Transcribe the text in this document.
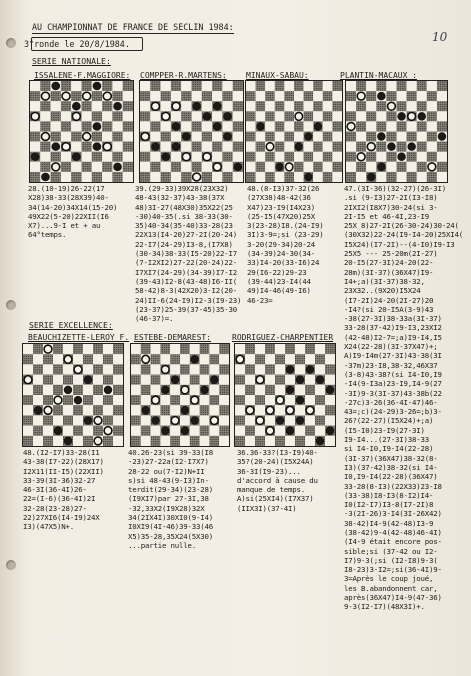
AU CHAMPIONNAT DE FRANCE DE SECLIN 1984:
3°ronde le 20/8/1984.	10
SERIE NATIONALE:
ISSALENE-F.MAGGIORE: COMPPER-R.MARTENS: MINAUX-SABAU:	PLANTIN-MACAUX :
28.(10-19)26-22(17
X28)38-33(28X39)40-
34(14-20)34X14(15-20)
49X22(5-20)22XII(I6
X7)...9-I et + au
64°temps.
39.(29-33)39X28(23X32)
48-43(32-37)43-38(37X
48)3I-27(48X30)35X22(25
-30)40-35(.si 38-33(30-
35)40-34(35-40)33-28(23
22X13(I4-20)27-2I(20-24)
22-I7(24-29)I3-8,(I7X8)
(30-34)38-33(I5-20)22-I7
(7-I2XI2)27-22(20-24)22-
I7XI7(24-29)(34-39)I7-I2
(39-43)I2-8(43-48)I6-II(
58-42)8-3(42X20)3-I2(20-
24)II-6(24-I9)I2-3(I9-23)
(23-37)25-39(37-45)35-30
(46-37)=.
48.(8-I3)37-32(26
(27X38)48-42(36
X47)23-I9(I4X23)
(25-I5(47X20)25X
3(23-28)I8.(24-I9)
3I)3-9=;si (23-29)
3-20(29-34)20-24
(34-39)24-30(34-
33)I4-20(33-I6)24
29(I6-22)29-23
(39-44)23-I4(44
49)I4-46(49-I6)
46-23=
47.(3I-36)(32-27)(26-3I)
.si (9-I3)27-2I(I3-I8)
2IXI2(I8X7)30-24(si 3-
2I-I5 et 46-4I,23-I9
25X 8)27-2I(26-30-24)30-24(
(30X32)22-24(I9-I4-20)25XI4(
I5X24)(I7-2I)--(4-I0)I9-I3
25X5 --- 25-20m(2I-27)
20-I5(27-3I)24-20(22-
28m)(3I-37)(36X47)I9-
I4+;a)(3I-37)38-32,
23X32..(9X20)I5X24
(I7-2I)24-20(2I-27)20
-I4?(si 20-I5A(3-9)43
-38(27-3I)38-33a(3I-37)
33-28(37-42)I9-I3,23XI2
(42-48)I2-7=;a)I9-I4,I5
X24(22-28)(3I-37X47)+;
A)I9-I4m(27-3I)43-38(3I
-37m)23-I8,38-32,46X37
(3-8)43-38?(si I4-I0,I9
-I4(9-I3a)23-I9,I4-9(27
-3I)9-3(3I-37)43-38b(22
-27c)3-26(36-4I-47)46-
43=;c)(24-29)3-26=;b)3-
26?(22-27)(I5X24)+;a)
(I5-I0)23-I9(27-3I)
I9-I4...(27-3I)38-33
si I4-I0,I9-I4(22-28)
(3I-37)(36X47)38-32(8-
I3)(37-42)38-32(si I4-
I0,I9-I4(22-28)(36X47)
33-28(8-I3)(22X33)23-I8
(33-38)I8-I3(8-I2)I4-
I0(I2-I7)I3-8(I7-2I)8
-3(2I-26)3-I4(3I-26X42)
38-42)I4-9(42-48)I3-9
(38-42)9-4(42-48)46-4I)
(I4-9 était encore pos-
sible;si (37-42 ou I2-
I7)9-3(;si (I2-I8)9-3(
I8-23)3-I2=;si(36-4I)9-
3=Après le coup joué,
les B.abandonnent car,
après(36X47)I4-9(47-36)
9-3(I2-I7)(48X3I)+.
SERIE EXCELLENCE:
BEAUCHIZETTE-LEROY F. ESTEBE-DEMAREST:	RODRIGUEZ-CHARPENTIER
48.(I2-I7)33-28(I1
43-38(I7-22)(28X17)
I2X11(II-I5)(22XII)
33-39(3I-36)32-27
46-3I(36-4I)26-
22=(I-6)(36-4I)2I
32-28(23-28)27-
22)27XI6(I4-I9)24X
I3)(47X5)N+.
40.26-23(si 39-33(I8
-23)27-22a(I2-I7X7)
28-22 ou(7-I2)N+II
s)si 48-43(9-I3)In-
terdit(29-34)(23-28)
(I9XI7)par 27-3I,38
-32,33X2(I9X28)32X
34(2IX4I)30XI0(9-I4)
I0XI9(4I-46)39-33(46
X5)35-28,35X24(5X30)
...partie nulle.
36.36-33?(I3-I9)40-
35?(20-24)(I5X24A)
36-3I(I9-23)...
d'accord à cause du
manque de temps.
A)si(25XI4)(I7X37)
(IIX3I)(37-4I)
